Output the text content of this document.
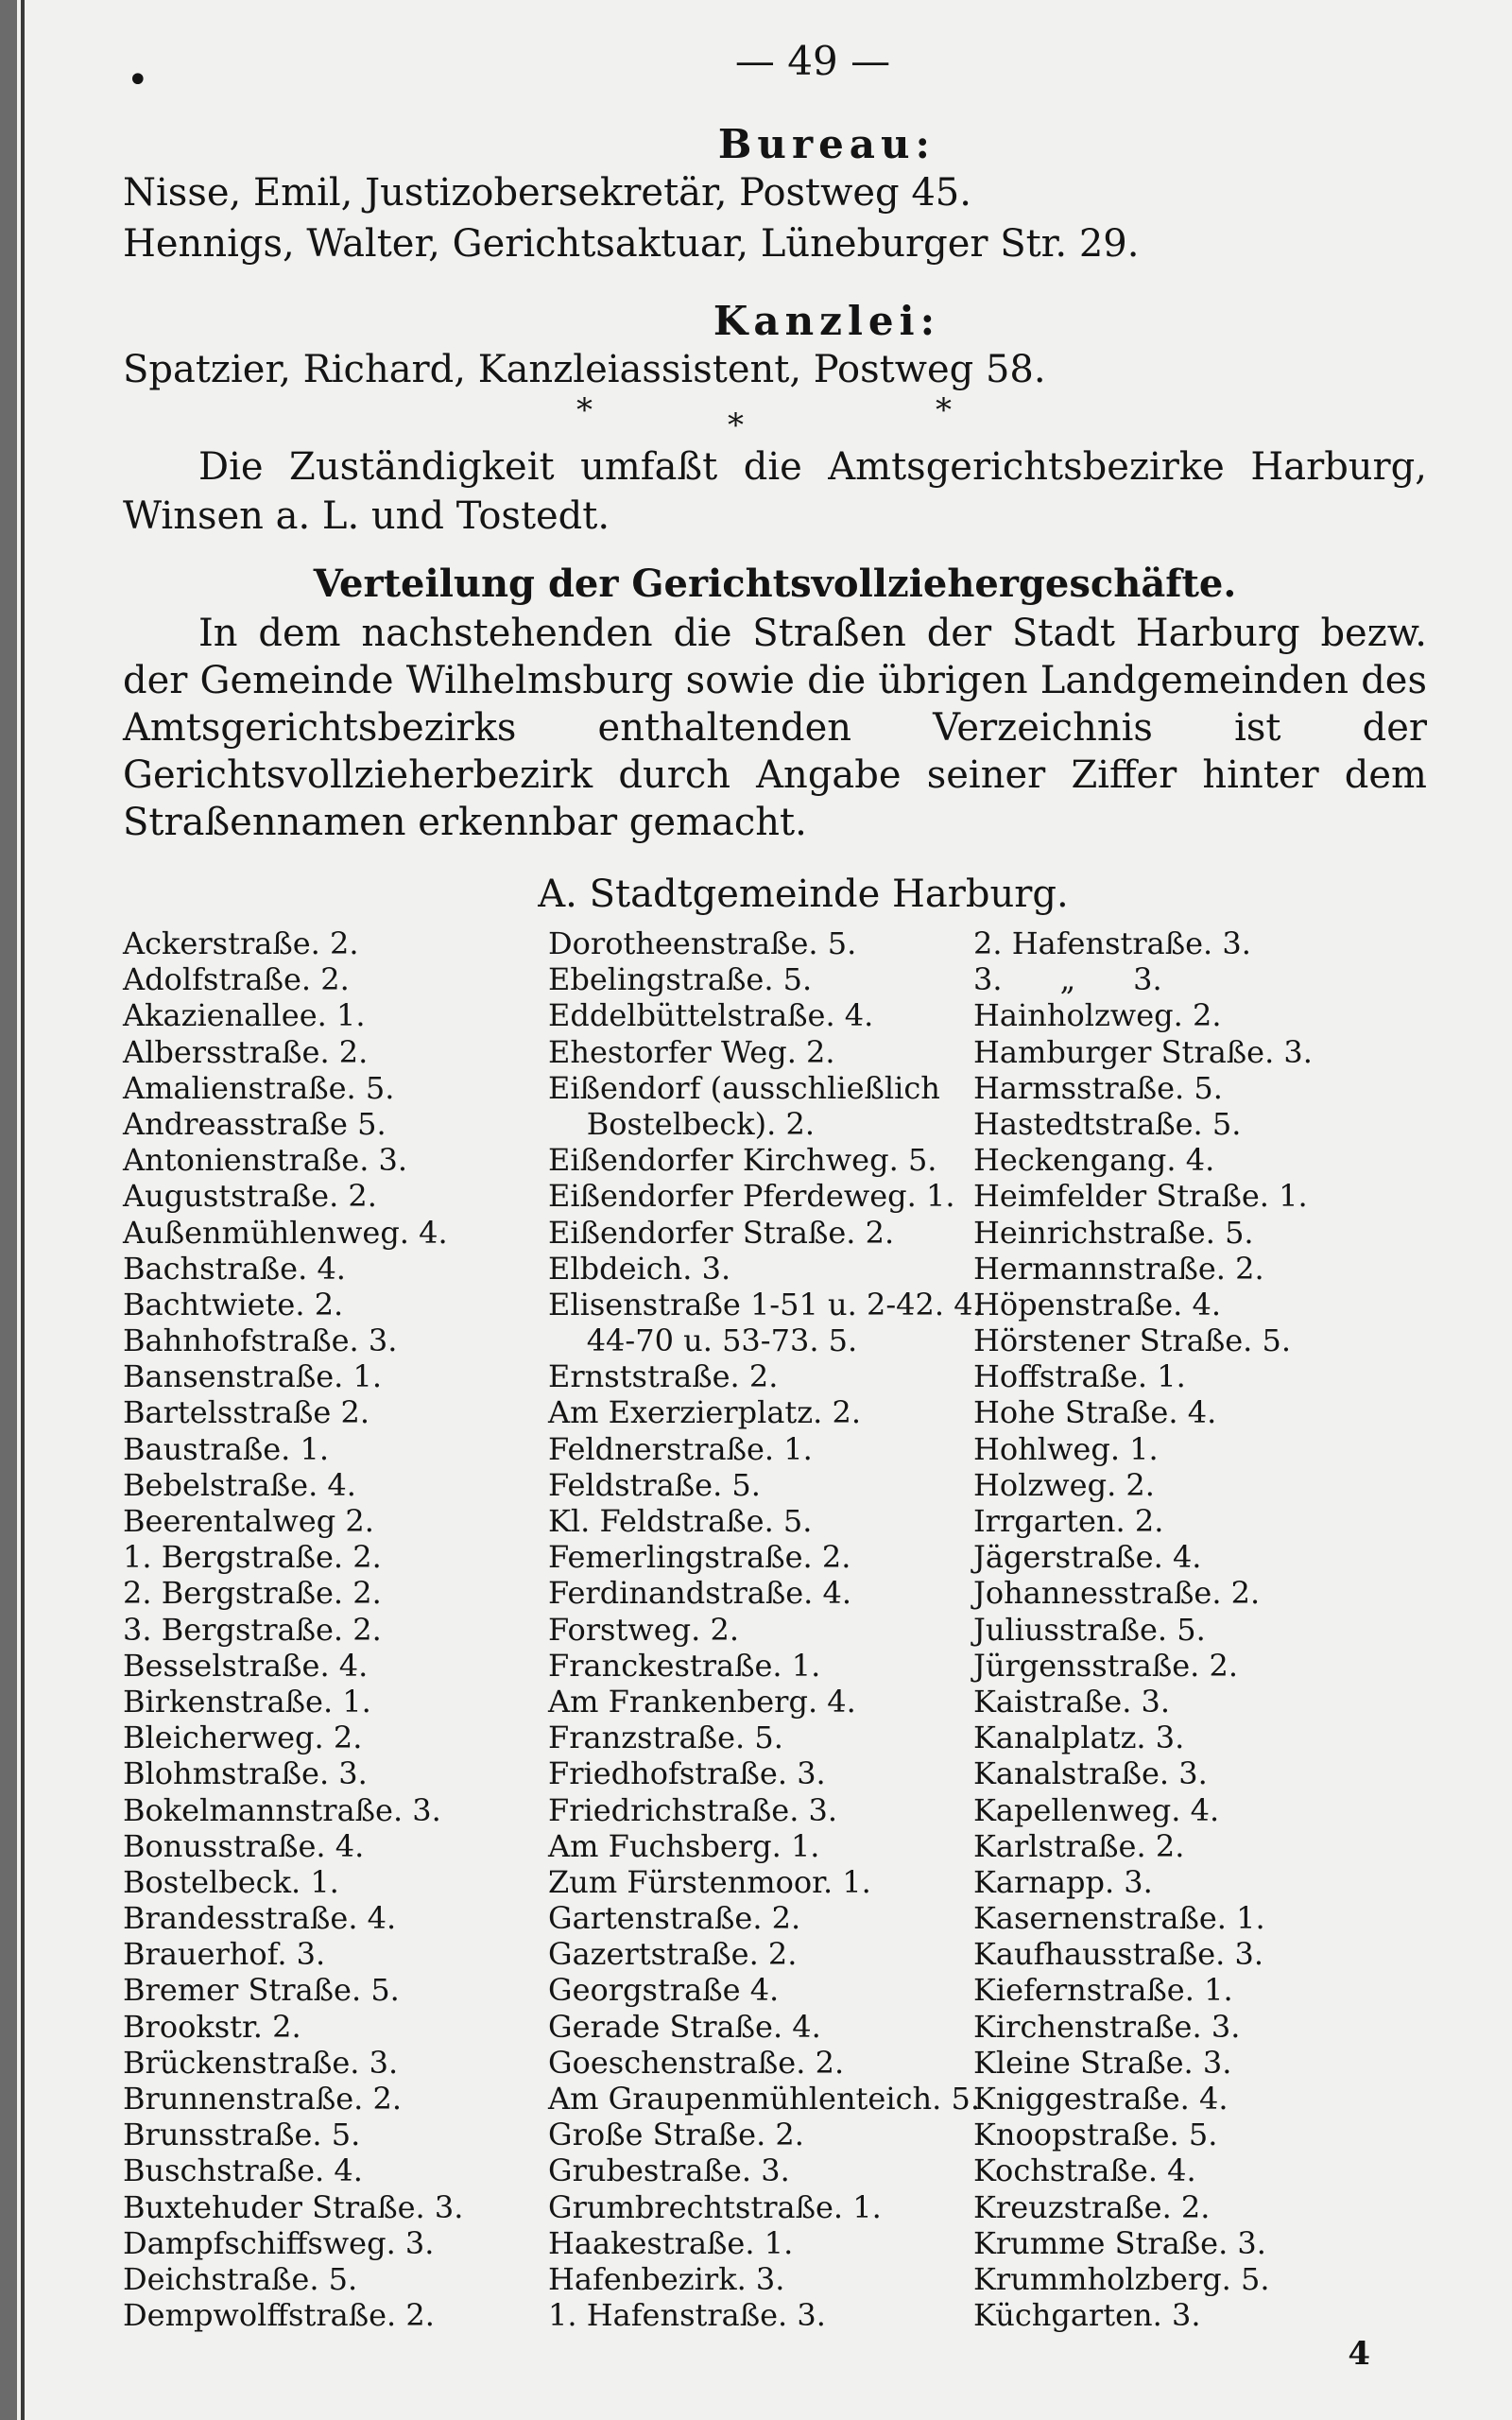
•	— 49 —
Bureau:
Nisse, Emil, Justizobersekretär, Postweg 45.
Hennigs, Walter, Gerichtsaktuar, Lüneburger Str. 29.
Kanzlei:
Spatzier, Richard, Kanzleiassistent, Postweg 58.
*	*	*
Die Zuständigkeit umfaßt die Amtsgerichtsbezirke Harburg, Winsen a. L. und Tostedt.
Verteilung der Gerichtsvollziehergeschäfte.
In dem nachstehenden die Straßen der Stadt Harburg bezw. der Gemeinde Wilhelmsburg sowie die übrigen Landgemeinden des Amtsgerichtsbezirks enthaltenden Verzeichnis ist der Gerichtsvollzieherbezirk durch Angabe seiner Ziffer hinter dem Straßennamen erkennbar gemacht.
A. Stadtgemeinde Harburg.
Ackerstraße. 2.
Adolfstraße. 2.
Akazienallee. 1.
Albersstraße. 2.
Amalienstraße. 5.
Andreasstraße 5.
Antonienstraße. 3.
Auguststraße. 2.
Außenmühlenweg. 4.
Bachstraße. 4.
Bachtwiete. 2.
Bahnhofstraße. 3.
Bansenstraße. 1.
Bartelsstraße 2.
Baustraße. 1.
Bebelstraße. 4.
Beerentalweg 2.
1. Bergstraße. 2.
2. Bergstraße. 2.
3. Bergstraße. 2.
Besselstraße. 4.
Birkenstraße. 1.
Bleicherweg. 2.
Blohmstraße. 3.
Bokelmannstraße. 3.
Bonusstraße. 4.
Bostelbeck. 1.
Brandesstraße. 4.
Brauerhof. 3.
Bremer Straße. 5.
Brookstr. 2.
Brückenstraße. 3.
Brunnenstraße. 2.
Brunsstraße. 5.
Buschstraße. 4.
Buxtehuder Straße. 3.
Dampfschiffsweg. 3.
Deichstraße. 5.
Dempwolffstraße. 2.
Dorotheenstraße. 5.
Ebelingstraße. 5.
Eddelbüttelstraße. 4.
Ehestorfer Weg. 2.
Eißendorf (ausschließlich
Bostelbeck). 2.
Eißendorfer Kirchweg. 5.
Eißendorfer Pferdeweg. 1.
Eißendorfer Straße. 2.
Elbdeich. 3.
Elisenstraße 1-51 u. 2-42. 4.
44-70 u. 53-73. 5.
Ernststraße. 2.
Am Exerzierplatz. 2.
Feldnerstraße. 1.
Feldstraße. 5.
Kl. Feldstraße. 5.
Femerlingstraße. 2.
Ferdinandstraße. 4.
Forstweg. 2.
Franckestraße. 1.
Am Frankenberg. 4.
Franzstraße. 5.
Friedhofstraße. 3.
Friedrichstraße. 3.
Am Fuchsberg. 1.
Zum Fürstenmoor. 1.
Gartenstraße. 2.
Gazertstraße. 2.
Georgstraße 4.
Gerade Straße. 4.
Goeschenstraße. 2.
Am Graupenmühlenteich. 5.
Große Straße. 2.
Grubestraße. 3.
Grumbrechtstraße. 1.
Haakestraße. 1.
Hafenbezirk. 3.
1. Hafenstraße. 3.
2. Hafenstraße. 3.
3.      „      3.
Hainholzweg. 2.
Hamburger Straße. 3.
Harmsstraße. 5.
Hastedtstraße. 5.
Heckengang. 4.
Heimfelder Straße. 1.
Heinrichstraße. 5.
Hermannstraße. 2.
Höpenstraße. 4.
Hörstener Straße. 5.
Hoffstraße. 1.
Hohe Straße. 4.
Hohlweg. 1.
Holzweg. 2.
Irrgarten. 2.
Jägerstraße. 4.
Johannesstraße. 2.
Juliusstraße. 5.
Jürgensstraße. 2.
Kaistraße. 3.
Kanalplatz. 3.
Kanalstraße. 3.
Kapellenweg. 4.
Karlstraße. 2.
Karnapp. 3.
Kasernenstraße. 1.
Kaufhausstraße. 3.
Kiefernstraße. 1.
Kirchenstraße. 3.
Kleine Straße. 3.
Kniggestraße. 4.
Knoopstraße. 5.
Kochstraße. 4.
Kreuzstraße. 2.
Krumme Straße. 3.
Krummholzberg. 5.
Küchgarten. 3.
4
